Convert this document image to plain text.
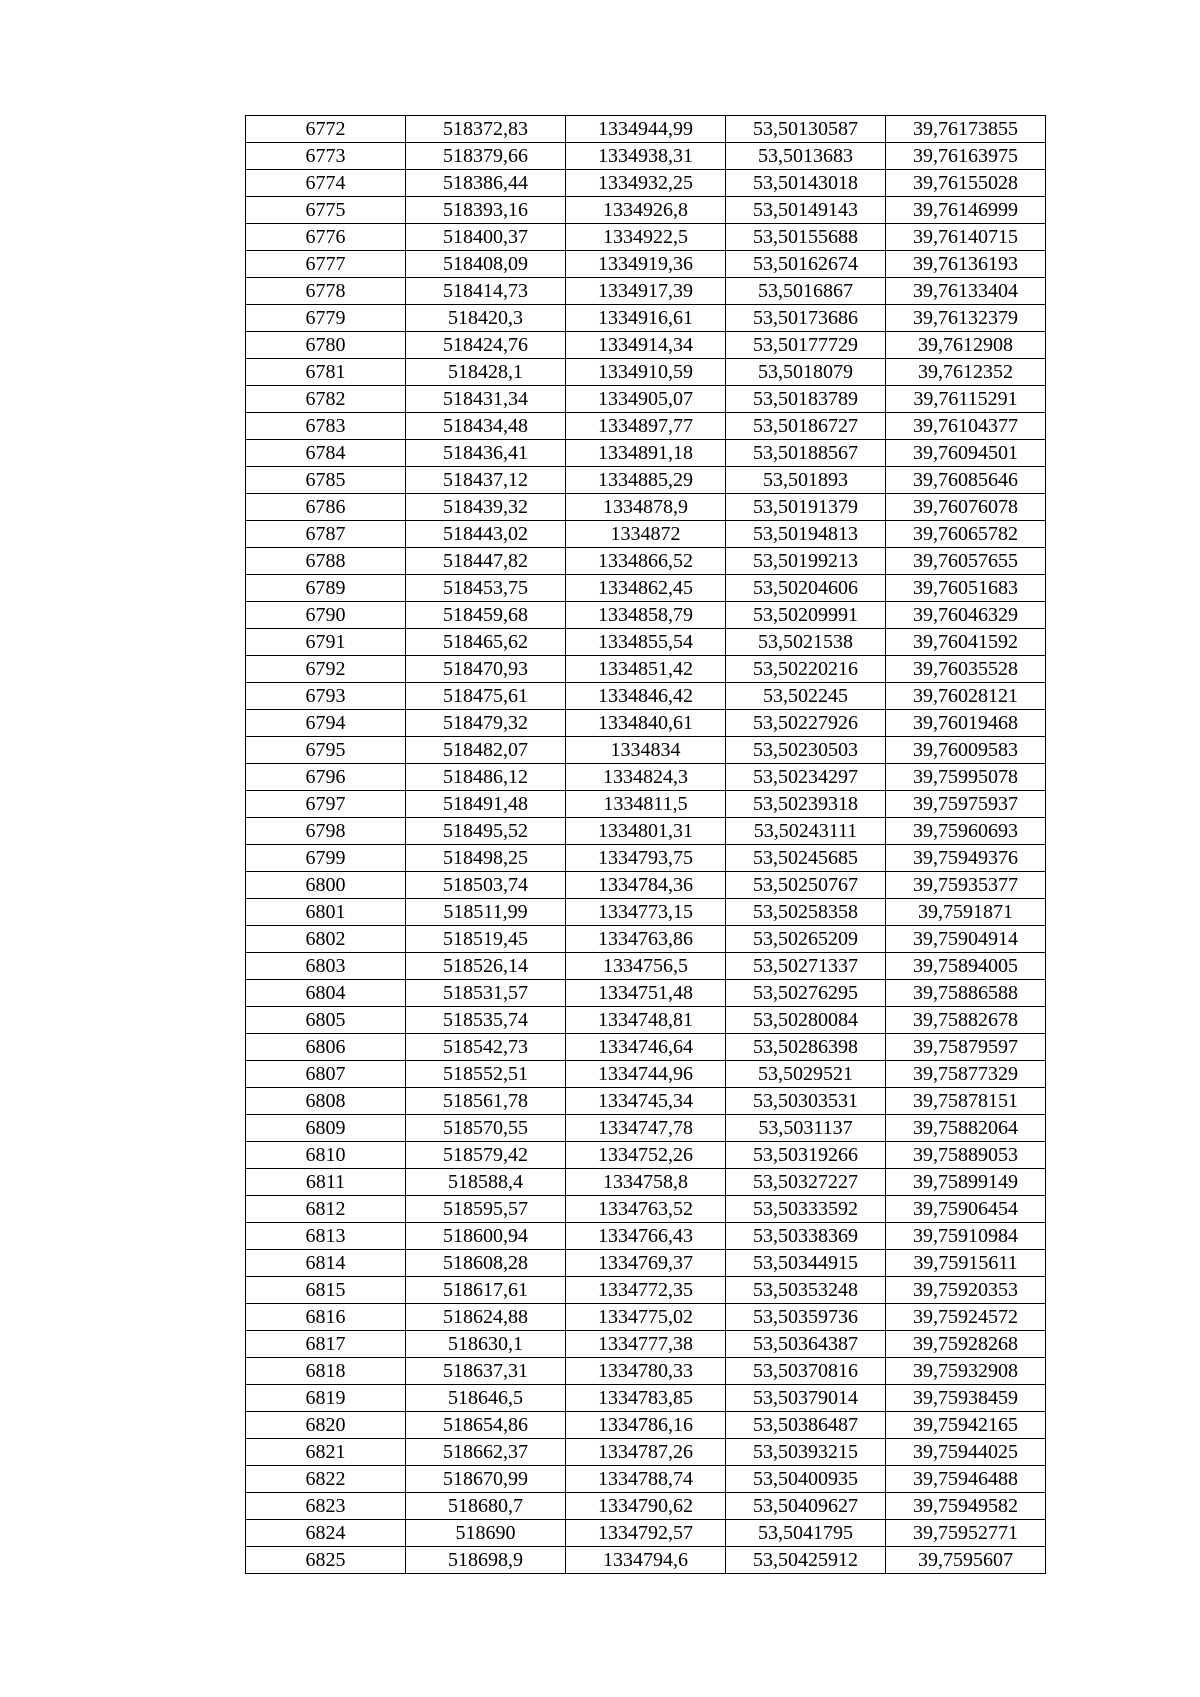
6772	518372,83	1334944,99	53,50130587	39,76173855
6773	518379,66	1334938,31	53,5013683	39,76163975
6774	518386,44	1334932,25	53,50143018	39,76155028
6775	518393,16	1334926,8	53,50149143	39,76146999
6776	518400,37	1334922,5	53,50155688	39,76140715
6777	518408,09	1334919,36	53,50162674	39,76136193
6778	518414,73	1334917,39	53,5016867	39,76133404
6779	518420,3	1334916,61	53,50173686	39,76132379
6780	518424,76	1334914,34	53,50177729	39,7612908
6781	518428,1	1334910,59	53,5018079	39,7612352
6782	518431,34	1334905,07	53,50183789	39,76115291
6783	518434,48	1334897,77	53,50186727	39,76104377
6784	518436,41	1334891,18	53,50188567	39,76094501
6785	518437,12	1334885,29	53,501893	39,76085646
6786	518439,32	1334878,9	53,50191379	39,76076078
6787	518443,02	1334872	53,50194813	39,76065782
6788	518447,82	1334866,52	53,50199213	39,76057655
6789	518453,75	1334862,45	53,50204606	39,76051683
6790	518459,68	1334858,79	53,50209991	39,76046329
6791	518465,62	1334855,54	53,5021538	39,76041592
6792	518470,93	1334851,42	53,50220216	39,76035528
6793	518475,61	1334846,42	53,502245	39,76028121
6794	518479,32	1334840,61	53,50227926	39,76019468
6795	518482,07	1334834	53,50230503	39,76009583
6796	518486,12	1334824,3	53,50234297	39,75995078
6797	518491,48	1334811,5	53,50239318	39,75975937
6798	518495,52	1334801,31	53,50243111	39,75960693
6799	518498,25	1334793,75	53,50245685	39,75949376
6800	518503,74	1334784,36	53,50250767	39,75935377
6801	518511,99	1334773,15	53,50258358	39,7591871
6802	518519,45	1334763,86	53,50265209	39,75904914
6803	518526,14	1334756,5	53,50271337	39,75894005
6804	518531,57	1334751,48	53,50276295	39,75886588
6805	518535,74	1334748,81	53,50280084	39,75882678
6806	518542,73	1334746,64	53,50286398	39,75879597
6807	518552,51	1334744,96	53,5029521	39,75877329
6808	518561,78	1334745,34	53,50303531	39,75878151
6809	518570,55	1334747,78	53,5031137	39,75882064
6810	518579,42	1334752,26	53,50319266	39,75889053
6811	518588,4	1334758,8	53,50327227	39,75899149
6812	518595,57	1334763,52	53,50333592	39,75906454
6813	518600,94	1334766,43	53,50338369	39,75910984
6814	518608,28	1334769,37	53,50344915	39,75915611
6815	518617,61	1334772,35	53,50353248	39,75920353
6816	518624,88	1334775,02	53,50359736	39,75924572
6817	518630,1	1334777,38	53,50364387	39,75928268
6818	518637,31	1334780,33	53,50370816	39,75932908
6819	518646,5	1334783,85	53,50379014	39,75938459
6820	518654,86	1334786,16	53,50386487	39,75942165
6821	518662,37	1334787,26	53,50393215	39,75944025
6822	518670,99	1334788,74	53,50400935	39,75946488
6823	518680,7	1334790,62	53,50409627	39,75949582
6824	518690	1334792,57	53,5041795	39,75952771
6825	518698,9	1334794,6	53,50425912	39,7595607
